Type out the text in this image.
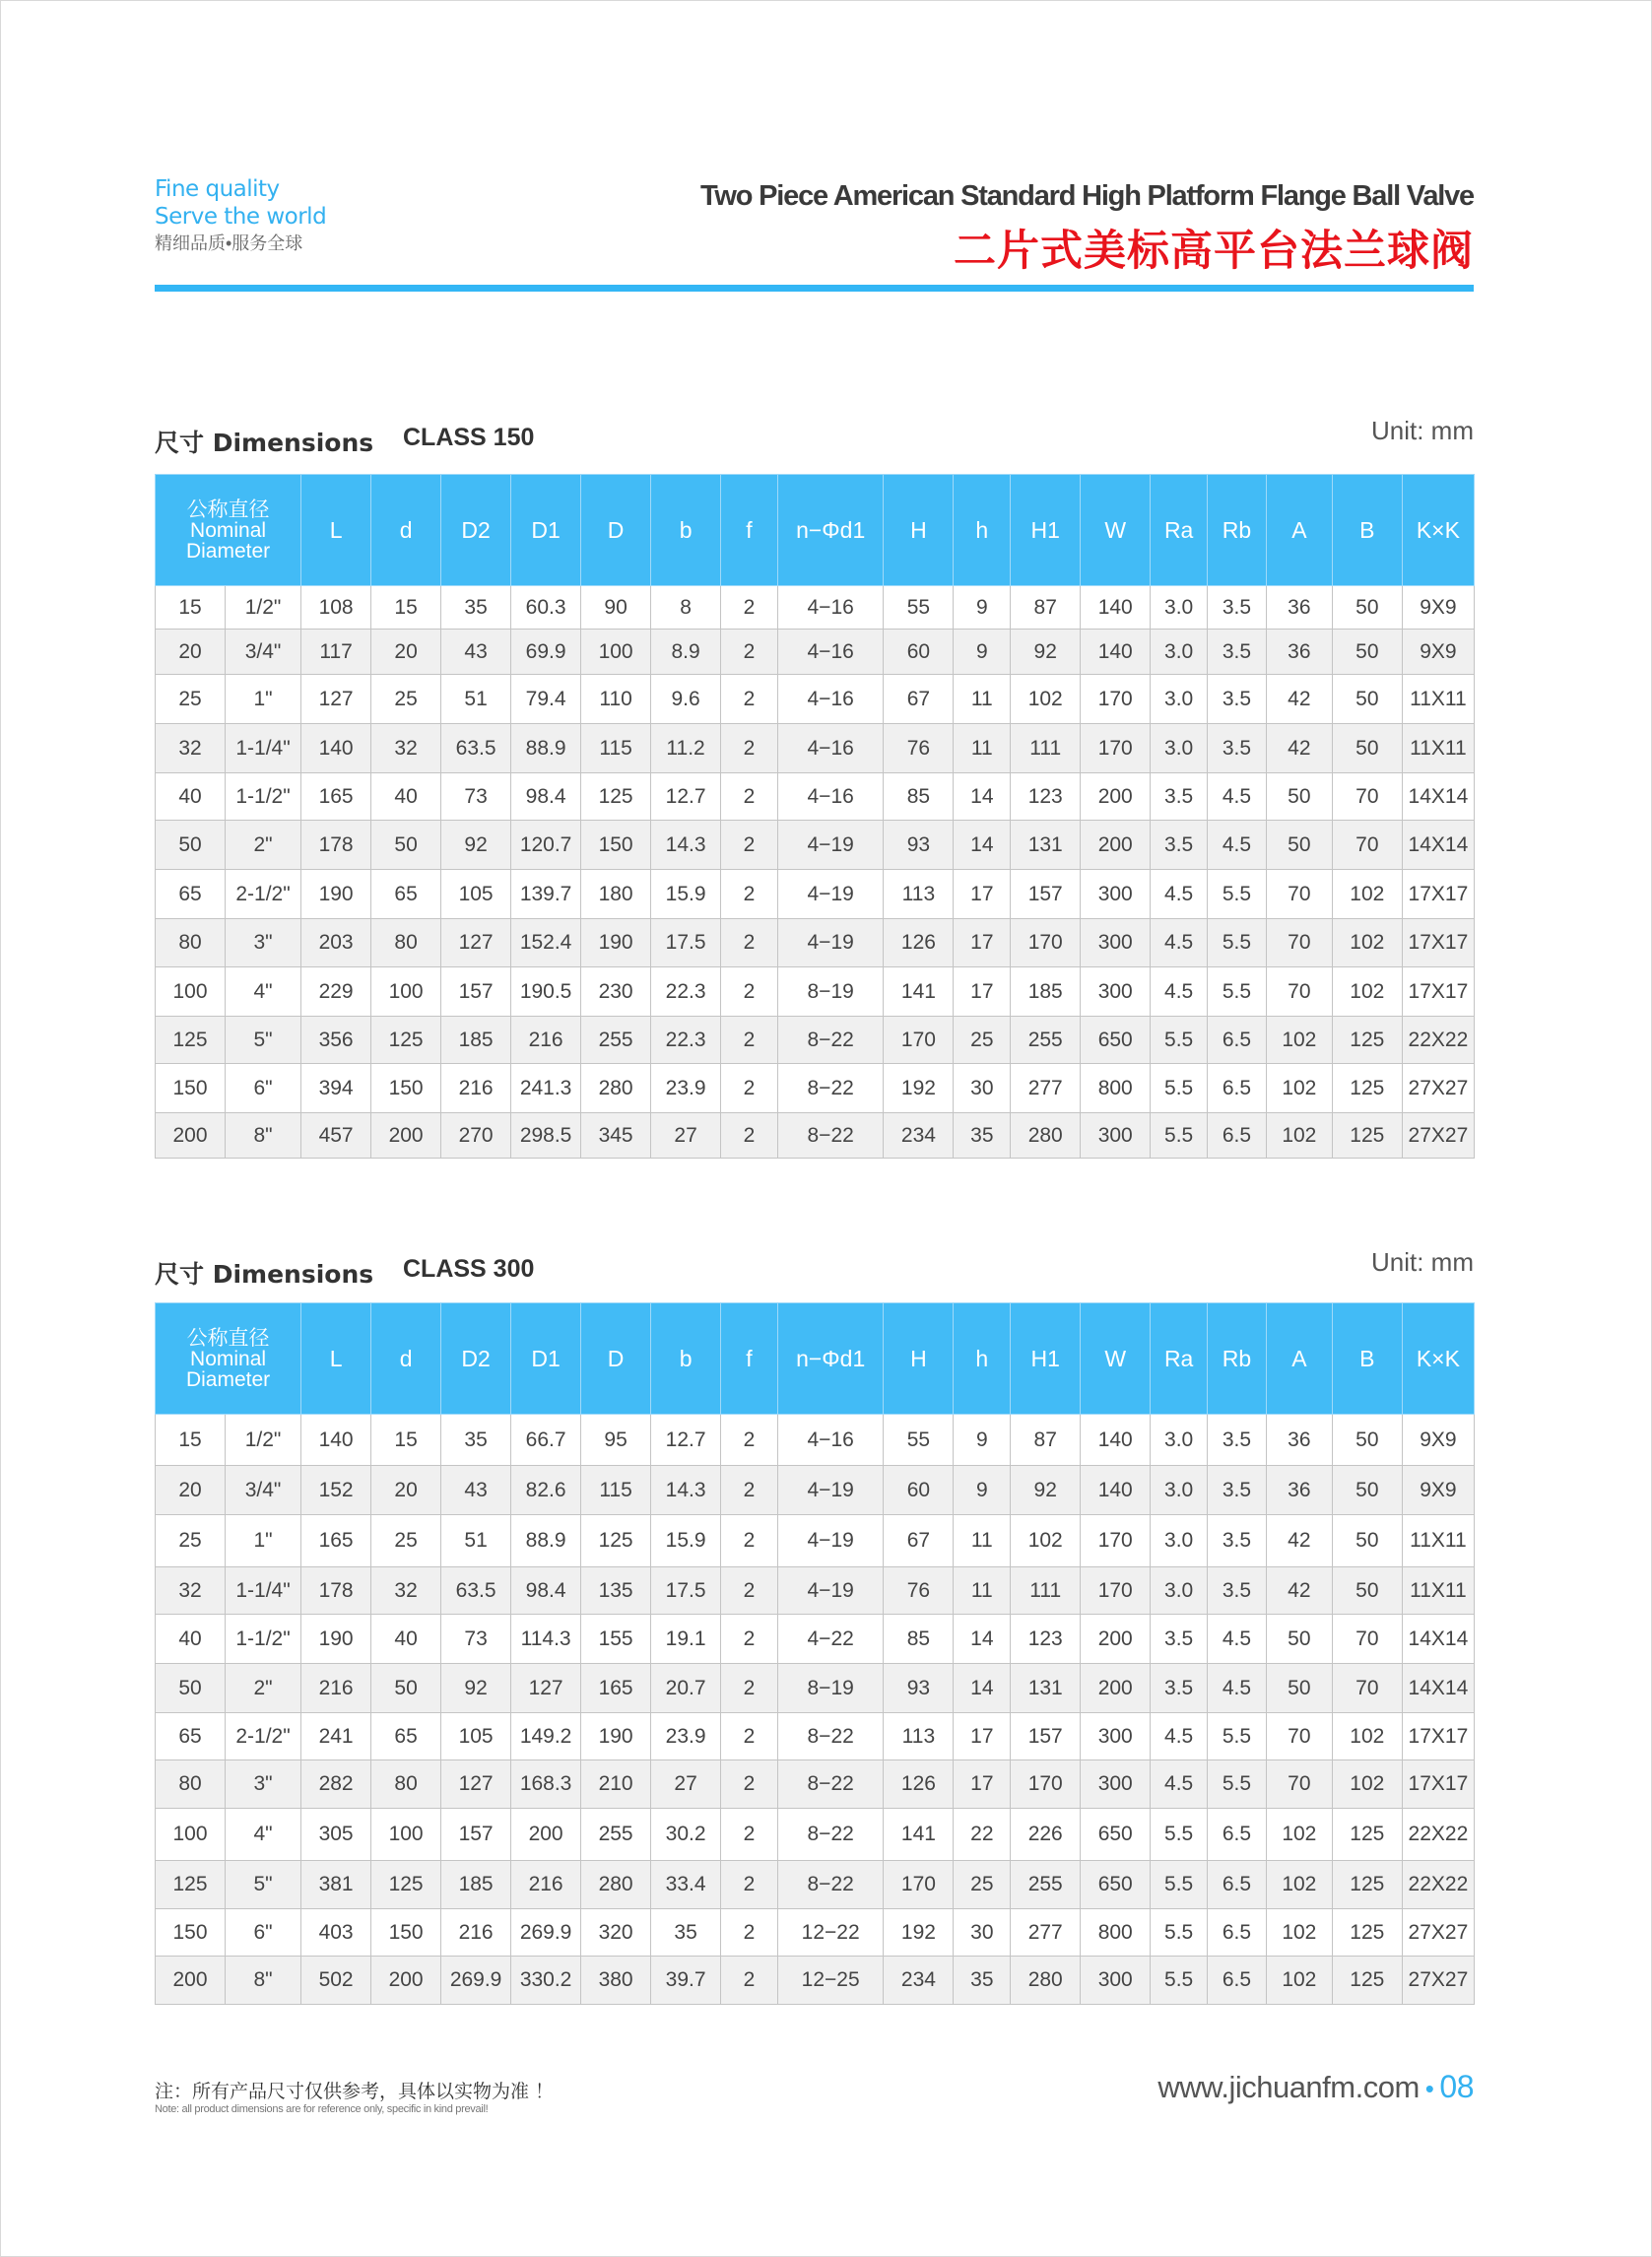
Fine quality
Serve the world
精细品质•服务全球
Two Piece American Standard High Platform Flange Ball Valve
二片式美标高平台法兰球阀
尺寸 Dimensions CLASS 150	Unit: mm
公称直径
Nominal
Diameter		L	d	D2	D1	D	b	f	n−Φd1	H	h	H1	W	Ra	Rb	A	B	K×K
15	1/2"	108	15	35	60.3	90	8	2	4−16	55	9	87	140	3.0	3.5	36	50	9X9
20	3/4"	117	20	43	69.9	100	8.9	2	4−16	60	9	92	140	3.0	3.5	36	50	9X9
25	1"	127	25	51	79.4	110	9.6	2	4−16	67	11	102	170	3.0	3.5	42	50	11X11
32	1-1/4"	140	32	63.5	88.9	115	11.2	2	4−16	76	11	111	170	3.0	3.5	42	50	11X11
40	1-1/2"	165	40	73	98.4	125	12.7	2	4−16	85	14	123	200	3.5	4.5	50	70	14X14
50	2"	178	50	92	120.7	150	14.3	2	4−19	93	14	131	200	3.5	4.5	50	70	14X14
65	2-1/2"	190	65	105	139.7	180	15.9	2	4−19	113	17	157	300	4.5	5.5	70	102	17X17
80	3"	203	80	127	152.4	190	17.5	2	4−19	126	17	170	300	4.5	5.5	70	102	17X17
100	4"	229	100	157	190.5	230	22.3	2	8−19	141	17	185	300	4.5	5.5	70	102	17X17
125	5"	356	125	185	216	255	22.3	2	8−22	170	25	255	650	5.5	6.5	102	125	22X22
150	6"	394	150	216	241.3	280	23.9	2	8−22	192	30	277	800	5.5	6.5	102	125	27X27
200	8"	457	200	270	298.5	345	27	2	8−22	234	35	280	300	5.5	6.5	102	125	27X27
尺寸 Dimensions CLASS 300	Unit: mm
公称直径
Nominal
Diameter		L	d	D2	D1	D	b	f	n−Φd1	H	h	H1	W	Ra	Rb	A	B	K×K
15	1/2"	140	15	35	66.7	95	12.7	2	4−16	55	9	87	140	3.0	3.5	36	50	9X9
20	3/4"	152	20	43	82.6	115	14.3	2	4−19	60	9	92	140	3.0	3.5	36	50	9X9
25	1"	165	25	51	88.9	125	15.9	2	4−19	67	11	102	170	3.0	3.5	42	50	11X11
32	1-1/4"	178	32	63.5	98.4	135	17.5	2	4−19	76	11	111	170	3.0	3.5	42	50	11X11
40	1-1/2"	190	40	73	114.3	155	19.1	2	4−22	85	14	123	200	3.5	4.5	50	70	14X14
50	2"	216	50	92	127	165	20.7	2	8−19	93	14	131	200	3.5	4.5	50	70	14X14
65	2-1/2"	241	65	105	149.2	190	23.9	2	8−22	113	17	157	300	4.5	5.5	70	102	17X17
80	3"	282	80	127	168.3	210	27	2	8−22	126	17	170	300	4.5	5.5	70	102	17X17
100	4"	305	100	157	200	255	30.2	2	8−22	141	22	226	650	5.5	6.5	102	125	22X22
125	5"	381	125	185	216	280	33.4	2	8−22	170	25	255	650	5.5	6.5	102	125	22X22
150	6"	403	150	216	269.9	320	35	2	12−22	192	30	277	800	5.5	6.5	102	125	27X27
200	8"	502	200	269.9	330.2	380	39.7	2	12−25	234	35	280	300	5.5	6.5	102	125	27X27
注：所有产品尺寸仅供参考，具体以实物为准 ！
Note: all product dimensions are for reference only, specific in kind prevail!
www.jichuanfm.com • 08
